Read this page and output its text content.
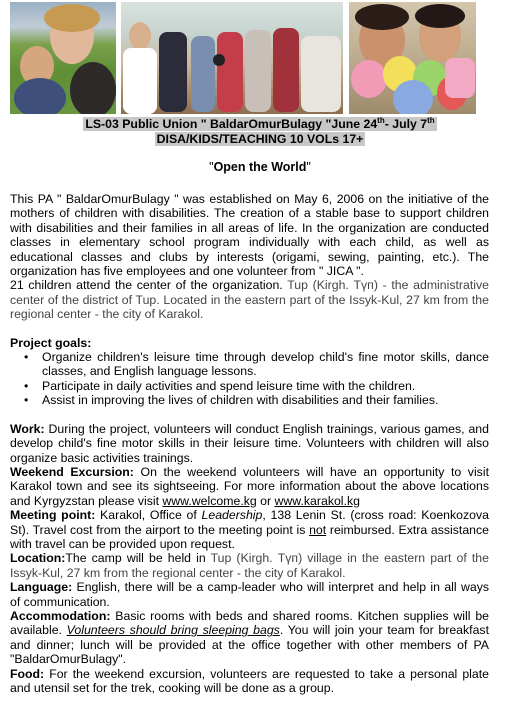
LS-03 Public Union " BaldarOmurBulagy "June 24th- July 7th
DISA/KIDS/TEACHING 10 VOLs 17+
"Open the World"

This PA " BaldarOmurBulagy " was established on May 6, 2006 on the initiative of the mothers of children with disabilities. The creation of a stable base to support children with disabilities and their families in all areas of life. In the organization are conducted classes in elementary school program individually with each child, as well as educational classes and clubs by interests (origami, sewing, painting, etc.). The organization has five employees and one volunteer from " JICA ".

21 children attend the center of the organization. Tup (Kirgh. Түп) - the administrative center of the district of Tup. Located in the eastern part of the Issyk-Kul, 27 km from the regional center - the city of Karakol.

Project goals:

• Organize children's leisure time through develop child's fine motor skills, dance classes, and English language lessons.
• Participate in daily activities and spend leisure time with the children.
• Assist in improving the lives of children with disabilities and their families.

Work: During the project, volunteers will conduct English trainings, various games, and develop child's fine motor skills in their leisure time. Volunteers with children will also organize basic activities trainings.

Weekend Excursion: On the weekend volunteers will have an opportunity to visit Karakol town and see its sightseeing. For more information about the above locations and Kyrgyzstan please visit www.welcome.kg or www.karakol.kg

Meeting point: Karakol, Office of Leadership, 138 Lenin St. (cross road: Koenkozova St). Travel cost from the airport to the meeting point is not reimbursed. Extra assistance with travel can be provided upon request.

Location:The camp will be held in Tup (Kirgh. Түп) village in the eastern part of the Issyk-Kul, 27 km from the regional center - the city of Karakol.

Language: English, there will be a camp-leader who will interpret and help in all ways of communication.

Accommodation: Basic rooms with beds and shared rooms. Kitchen supplies will be available. Volunteers should bring sleeping bags. You will join your team for breakfast and dinner; lunch will be provided at the office together with other members of PA "BaldarOmurBulagy".

Food: For the weekend excursion, volunteers are requested to take a personal plate and utensil set for the trek, cooking will be done as a group.
